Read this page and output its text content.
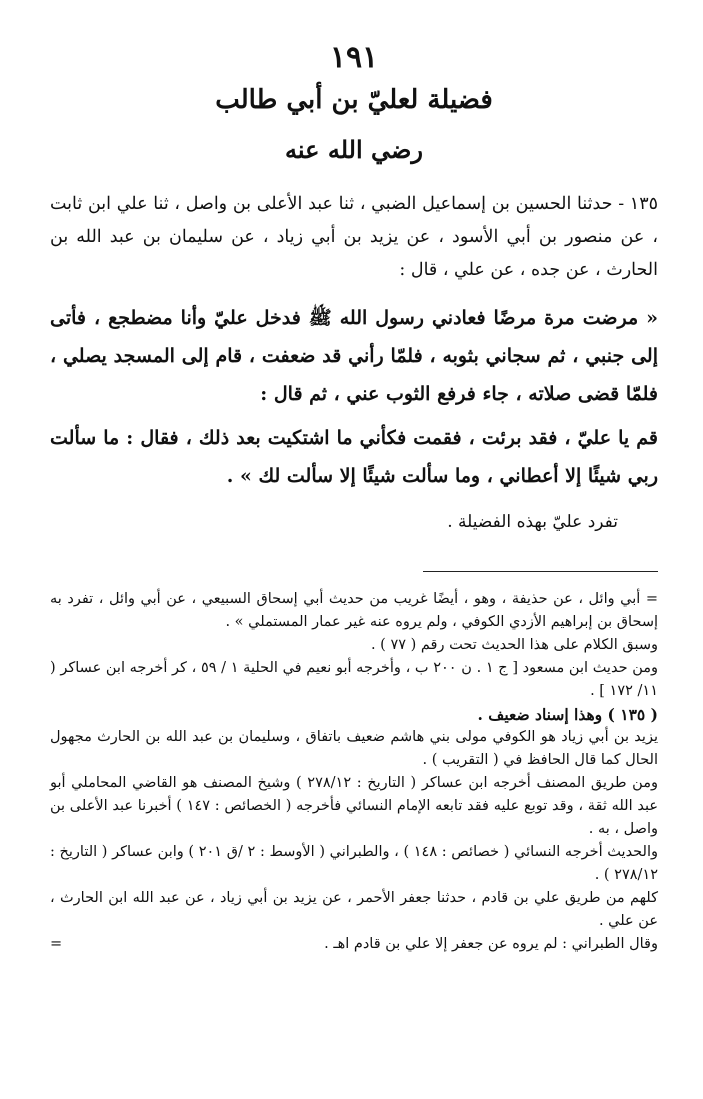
١٩١
فضيلة لعليّ بن أبي طالب
رضي الله عنه

١٣٥ - حدثنا الحسين بن إسماعيل الضبي ، ثنا عبد الأعلى بن واصل ، ثنا علي ابن ثابت ، عن منصور بن أبي الأسود ، عن يزيد بن أبي زياد ، عن سليمان بن عبد الله بن الحارث ، عن جده ، عن علي ، قال :

« مرضت مرة مرضًا فعادني رسول الله ﷺ فدخل عليّ وأنا مضطجع ، فأتى إلى جنبي ، ثم سجاني بثوبه ، فلمّا رأني قد ضعفت ، قام إلى المسجد يصلي ، فلمّا قضى صلاته ، جاء فرفع الثوب عني ، ثم قال :

قم يا عليّ ، فقد برئت ، فقمت فكأني ما اشتكيت بعد ذلك ، فقال : ما سألت ربي شيئًا إلا أعطاني ، وما سألت شيئًا إلا سألت لك » .

تفرد عليّ بهذه الفضيلة .

= أبي وائل ، عن حذيفة ، وهو ، أيضًا غريب من حديث أبي إسحاق السبيعي ، عن أبي وائل ، تفرد به إسحاق بن إبراهيم الأزدي الكوفي ، ولم يروه عنه غير عمار المستملي » .

وسبق الكلام على هذا الحديث تحت رقم ( ٧٧ ) .

ومن حديث ابن مسعود [ ج ١ . ن ٢٠٠ ب ، وأخرجه أبو نعيم في الحلية ١ / ٥٩ ، كر أخرجه ابن عساكر ( ١١/ ١٧٢ ] .

( ١٣٥ ) وهذا إسناد ضعيف .

يزيد بن أبي زياد هو الكوفي مولى بني هاشم ضعيف باتفاق ، وسليمان بن عبد الله بن الحارث مجهول الحال كما قال الحافظ في ( التقريب ) .

ومن طريق المصنف أخرجه ابن عساكر ( التاريخ : ٢٧٨/١٢ ) وشيخ المصنف هو القاضي المحاملي أبو عبد الله ثقة ، وقد توبع عليه فقد تابعه الإمام النسائي فأخرجه ( الخصائص : ١٤٧ ) أخبرنا عبد الأعلى بن واصل ، به .

والحديث أخرجه النسائي ( خصائص : ١٤٨ ) ، والطبراني ( الأوسط : ٢ /ق ٢٠١ ) وابن عساكر ( التاريخ : ٢٧٨/١٢ ) .

كلهم من طريق علي بن قادم ، حدثنا جعفر الأحمر ، عن يزيد بن أبي زياد ، عن عبد الله ابن الحارث ، عن علي .

وقال الطبراني : لم يروه عن جعفر إلا علي بن قادم اهـ .
=
